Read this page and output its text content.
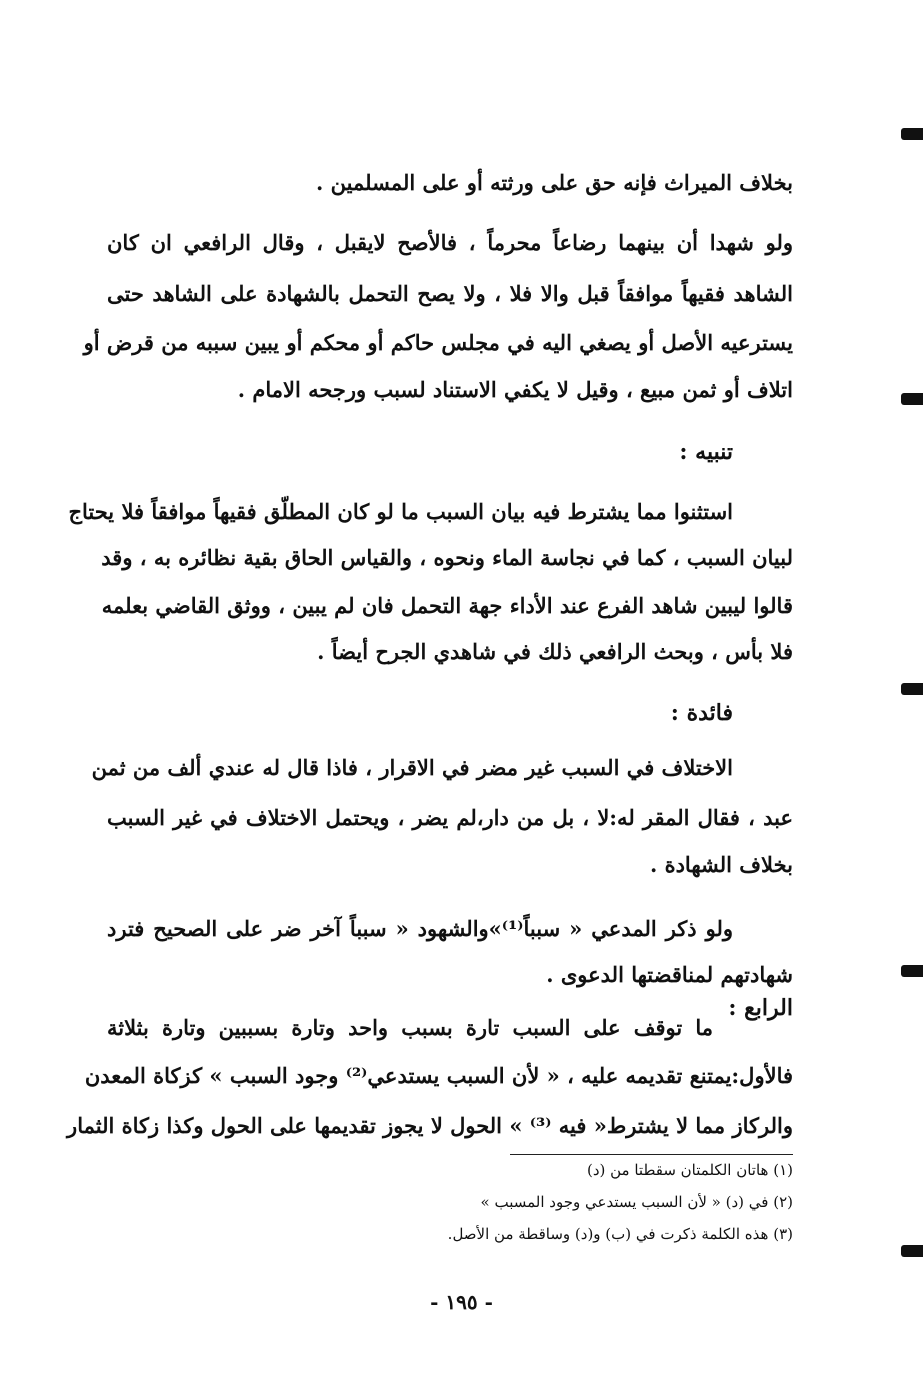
بخلاف الميراث فإنه حق على ورثته أو على المسلمين .
ولو شهدا أن بينهما رضاعاً محرماً ، فالأصح لايقبل ، وقال الرافعي ان كان
الشاهد فقيهاً موافقاً قبل والا فلا ، ولا يصح التحمل بالشهادة على الشاهد حتى
يسترعيه الأصل أو يصغي اليه في مجلس حاكم أو محكم أو يبين سببه من قرض أو
اتلاف أو ثمن مبيع ، وقيل لا يكفي الاستناد لسبب ورجحه الامام .
تنبيه :
استثنوا مما يشترط فيه بيان السبب ما لو كان المطلّق فقيهاً موافقاً فلا يحتاج
لبيان السبب ، كما في نجاسة الماء ونحوه ، والقياس الحاق بقية نظائره به ، وقد
قالوا ليبين شاهد الفرع عند الأداء جهة التحمل فان لم يبين ، ووثق القاضي بعلمه
فلا بأس ، وبحث الرافعي ذلك في شاهدي الجرح أيضاً .
فائدة :
الاختلاف في السبب غير مضر في الاقرار ، فاذا قال له عندي ألف من ثمن
عبد ، فقال المقر له:لا ، بل من دار،لم يضر ، ويحتمل الاختلاف في غير السبب
بخلاف الشهادة .
ولو ذكر المدعي « سبباً⁽¹⁾»والشهود « سبباً آخر ضر على الصحيح فترد
شهادتهم لمناقضتها الدعوى .
الرابع :
ما توقف على السبب تارة بسبب واحد وتارة بسببين وتارة بثلاثة
فالأول:يمتنع تقديمه عليه ، « لأن السبب يستدعي⁽²⁾ وجود السبب » كزكاة المعدن
والركاز مما لا يشترط« فيه ⁽³⁾ » الحول لا يجوز تقديمها على الحول وكذا زكاة الثمار
(١) هاتان الكلمتان سقطتا من (د)
(٢) في (د) « لأن السبب يستدعي وجود المسبب »
(٣) هذه الكلمة ذكرت في (ب) و(د) وساقطة من الأصل.
- ١٩٥ -
